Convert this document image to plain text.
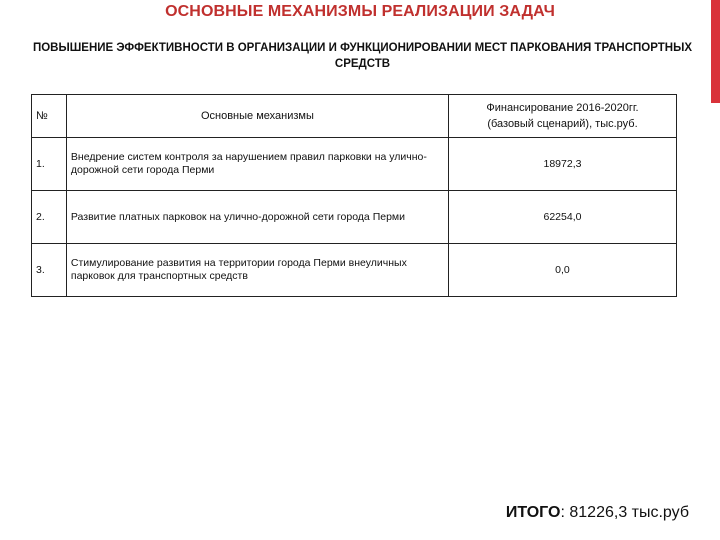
ОСНОВНЫЕ МЕХАНИЗМЫ РЕАЛИЗАЦИИ ЗАДАЧ
ПОВЫШЕНИЕ ЭФФЕКТИВНОСТИ В ОРГАНИЗАЦИИ И ФУНКЦИОНИРОВАНИИ МЕСТ ПАРКОВАНИЯ ТРАНСПОРТНЫХ СРЕДСТВ
№	Основные механизмы	Финансирование 2016-2020гг.
(базовый сценарий), тыс.руб.

1.	Внедрение систем контроля за нарушением правил парковки на улично-дорожной сети города Перми	18972,3
2.	Развитие платных парковок на улично-дорожной сети города Перми	62254,0
3.	Стимулирование развития на территории города Перми внеуличных парковок для транспортных средств	0,0
ИТОГО: 81226,3 тыс.руб
